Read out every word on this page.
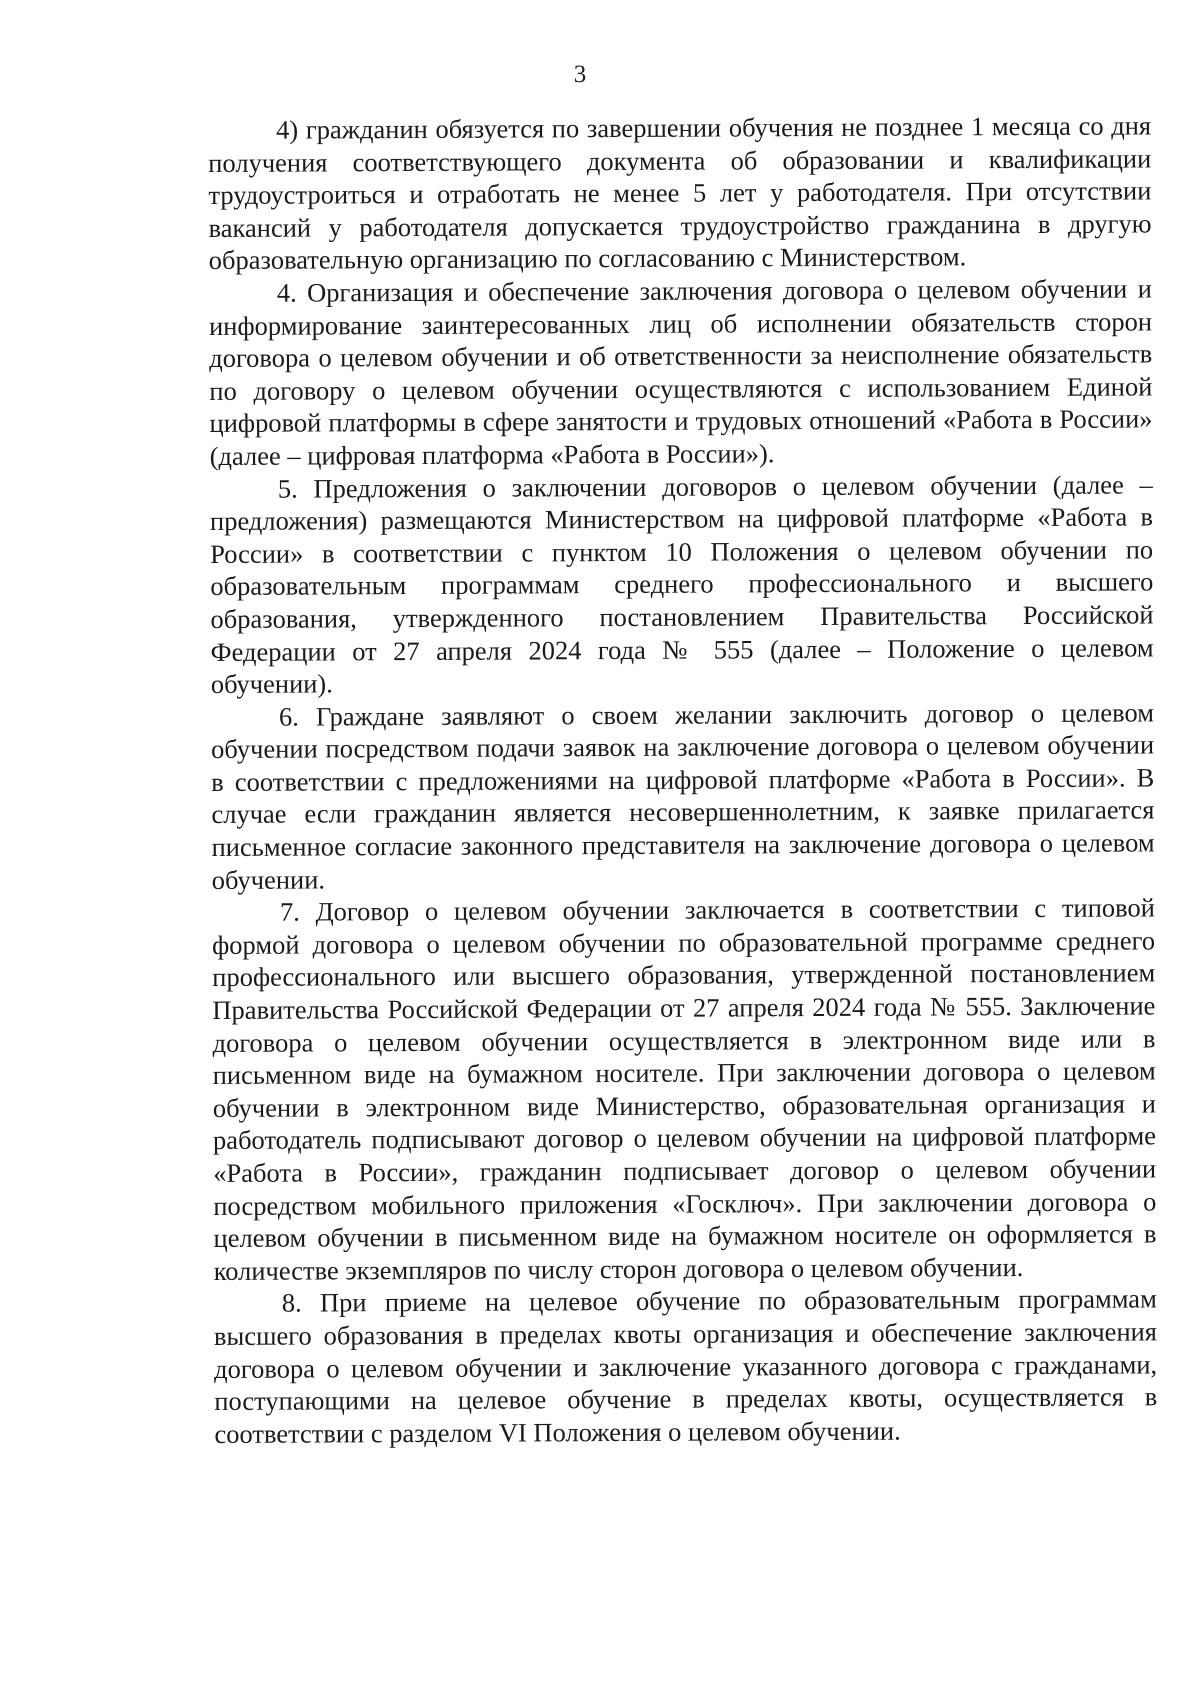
3

4) гражданин обязуется по завершении обучения не позднее 1 месяца со дня получения соответствующего документа об образовании и квалификации трудоустроиться и отработать не менее 5 лет у работодателя. При отсутствии вакансий у работодателя допускается трудоустройство гражданина в другую образовательную организацию по согласованию с Министерством.

4. Организация и обеспечение заключения договора о целевом обучении и информирование заинтересованных лиц об исполнении обязательств сторон договора о целевом обучении и об ответственности за неисполнение обязательств по договору о целевом обучении осуществляются с использованием Единой цифровой платформы в сфере занятости и трудовых отношений «Работа в России» (далее – цифровая платформа «Работа в России»).

5. Предложения о заключении договоров о целевом обучении (далее – предложения) размещаются Министерством на цифровой платформе «Работа в России» в соответствии с пунктом 10 Положения о целевом обучении по образовательным программам среднего профессионального и высшего образования, утвержденного постановлением Правительства Российской Федерации от 27 апреля 2024 года № 555 (далее – Положение о целевом обучении).

6. Граждане заявляют о своем желании заключить договор о целевом обучении посредством подачи заявок на заключение договора о целевом обучении в соответствии с предложениями на цифровой платформе «Работа в России». В случае если гражданин является несовершеннолетним, к заявке прилагается письменное согласие законного представителя на заключение договора о целевом обучении.

7. Договор о целевом обучении заключается в соответствии с типовой формой договора о целевом обучении по образовательной программе среднего профессионального или высшего образования, утвержденной постановлением Правительства Российской Федерации от 27 апреля 2024 года № 555. Заключение договора о целевом обучении осуществляется в электронном виде или в письменном виде на бумажном носителе. При заключении договора о целевом обучении в электронном виде Министерство, образовательная организация и работодатель подписывают договор о целевом обучении на цифровой платформе «Работа в России», гражданин подписывает договор о целевом обучении посредством мобильного приложения «Госключ». При заключении договора о целевом обучении в письменном виде на бумажном носителе он оформляется в количестве экземпляров по числу сторон договора о целевом обучении.

8. При приеме на целевое обучение по образовательным программам высшего образования в пределах квоты организация и обеспечение заключения договора о целевом обучении и заключение указанного договора с гражданами, поступающими на целевое обучение в пределах квоты, осуществляется в соответствии с разделом VI Положения о целевом обучении.
